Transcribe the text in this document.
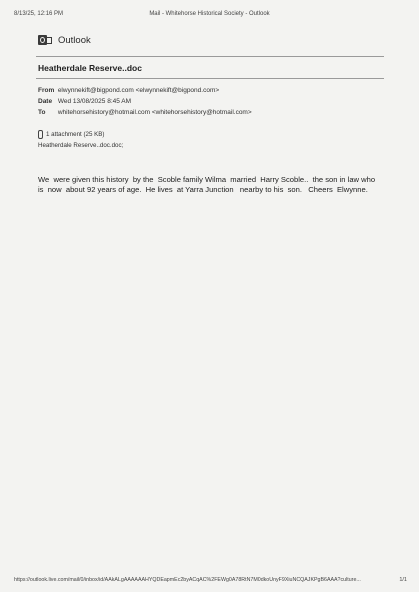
8/13/25, 12:16 PM	Mail - Whitehorse Historical Society - Outlook
Outlook
Heatherdale Reserve..doc
From elwynnekift@bigpond.com <elwynnekift@bigpond.com>
Date Wed 13/08/2025 8:45 AM
To whitehorsehistory@hotmail.com <whitehorsehistory@hotmail.com>
1 attachment (25 KB)
Heatherdale Reserve..doc.doc;
We  were given this history  by the  Scoble family Wilma  married  Harry Scoble..  the son in law who
is  now  about 92 years of age.  He lives  at Yarra Junction   nearby to his  son.   Cheers  Elwynne.
https://outlook.live.com/mail/0/inbox/id/AAkALgAAAAAAHYQDEapmEc2byACqAC%2FEWg0A78RtN7M0dkoUnyF9XiuNCQAJKPgB6AAA?culture...	1/1
